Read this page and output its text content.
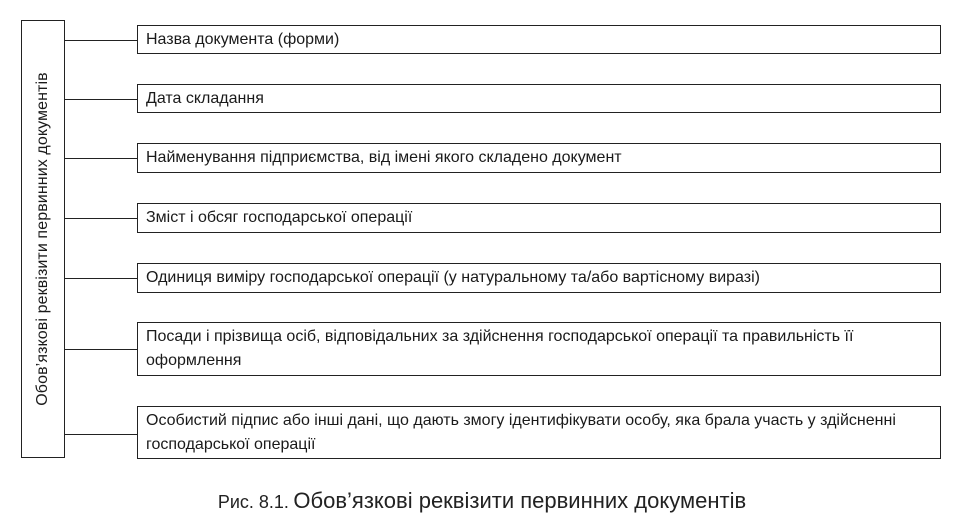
Обов’язкові реквізити первинних документів
Назва документа (форми)
Дата складання
Найменування підприємства, від імені якого складено документ
Зміст і обсяг господарської операції
Одиниця виміру господарської операції (у натуральному та/або вартісному виразі)
Посади і прізвища осіб, відповідальних за здійснення господарської операції та правильність її оформлення
Особистий підпис або інші дані, що дають змогу ідентифікувати особу, яка брала участь у здійсненні господарської операції
Рис. 8.1. Обов’язкові реквізити первинних документів
